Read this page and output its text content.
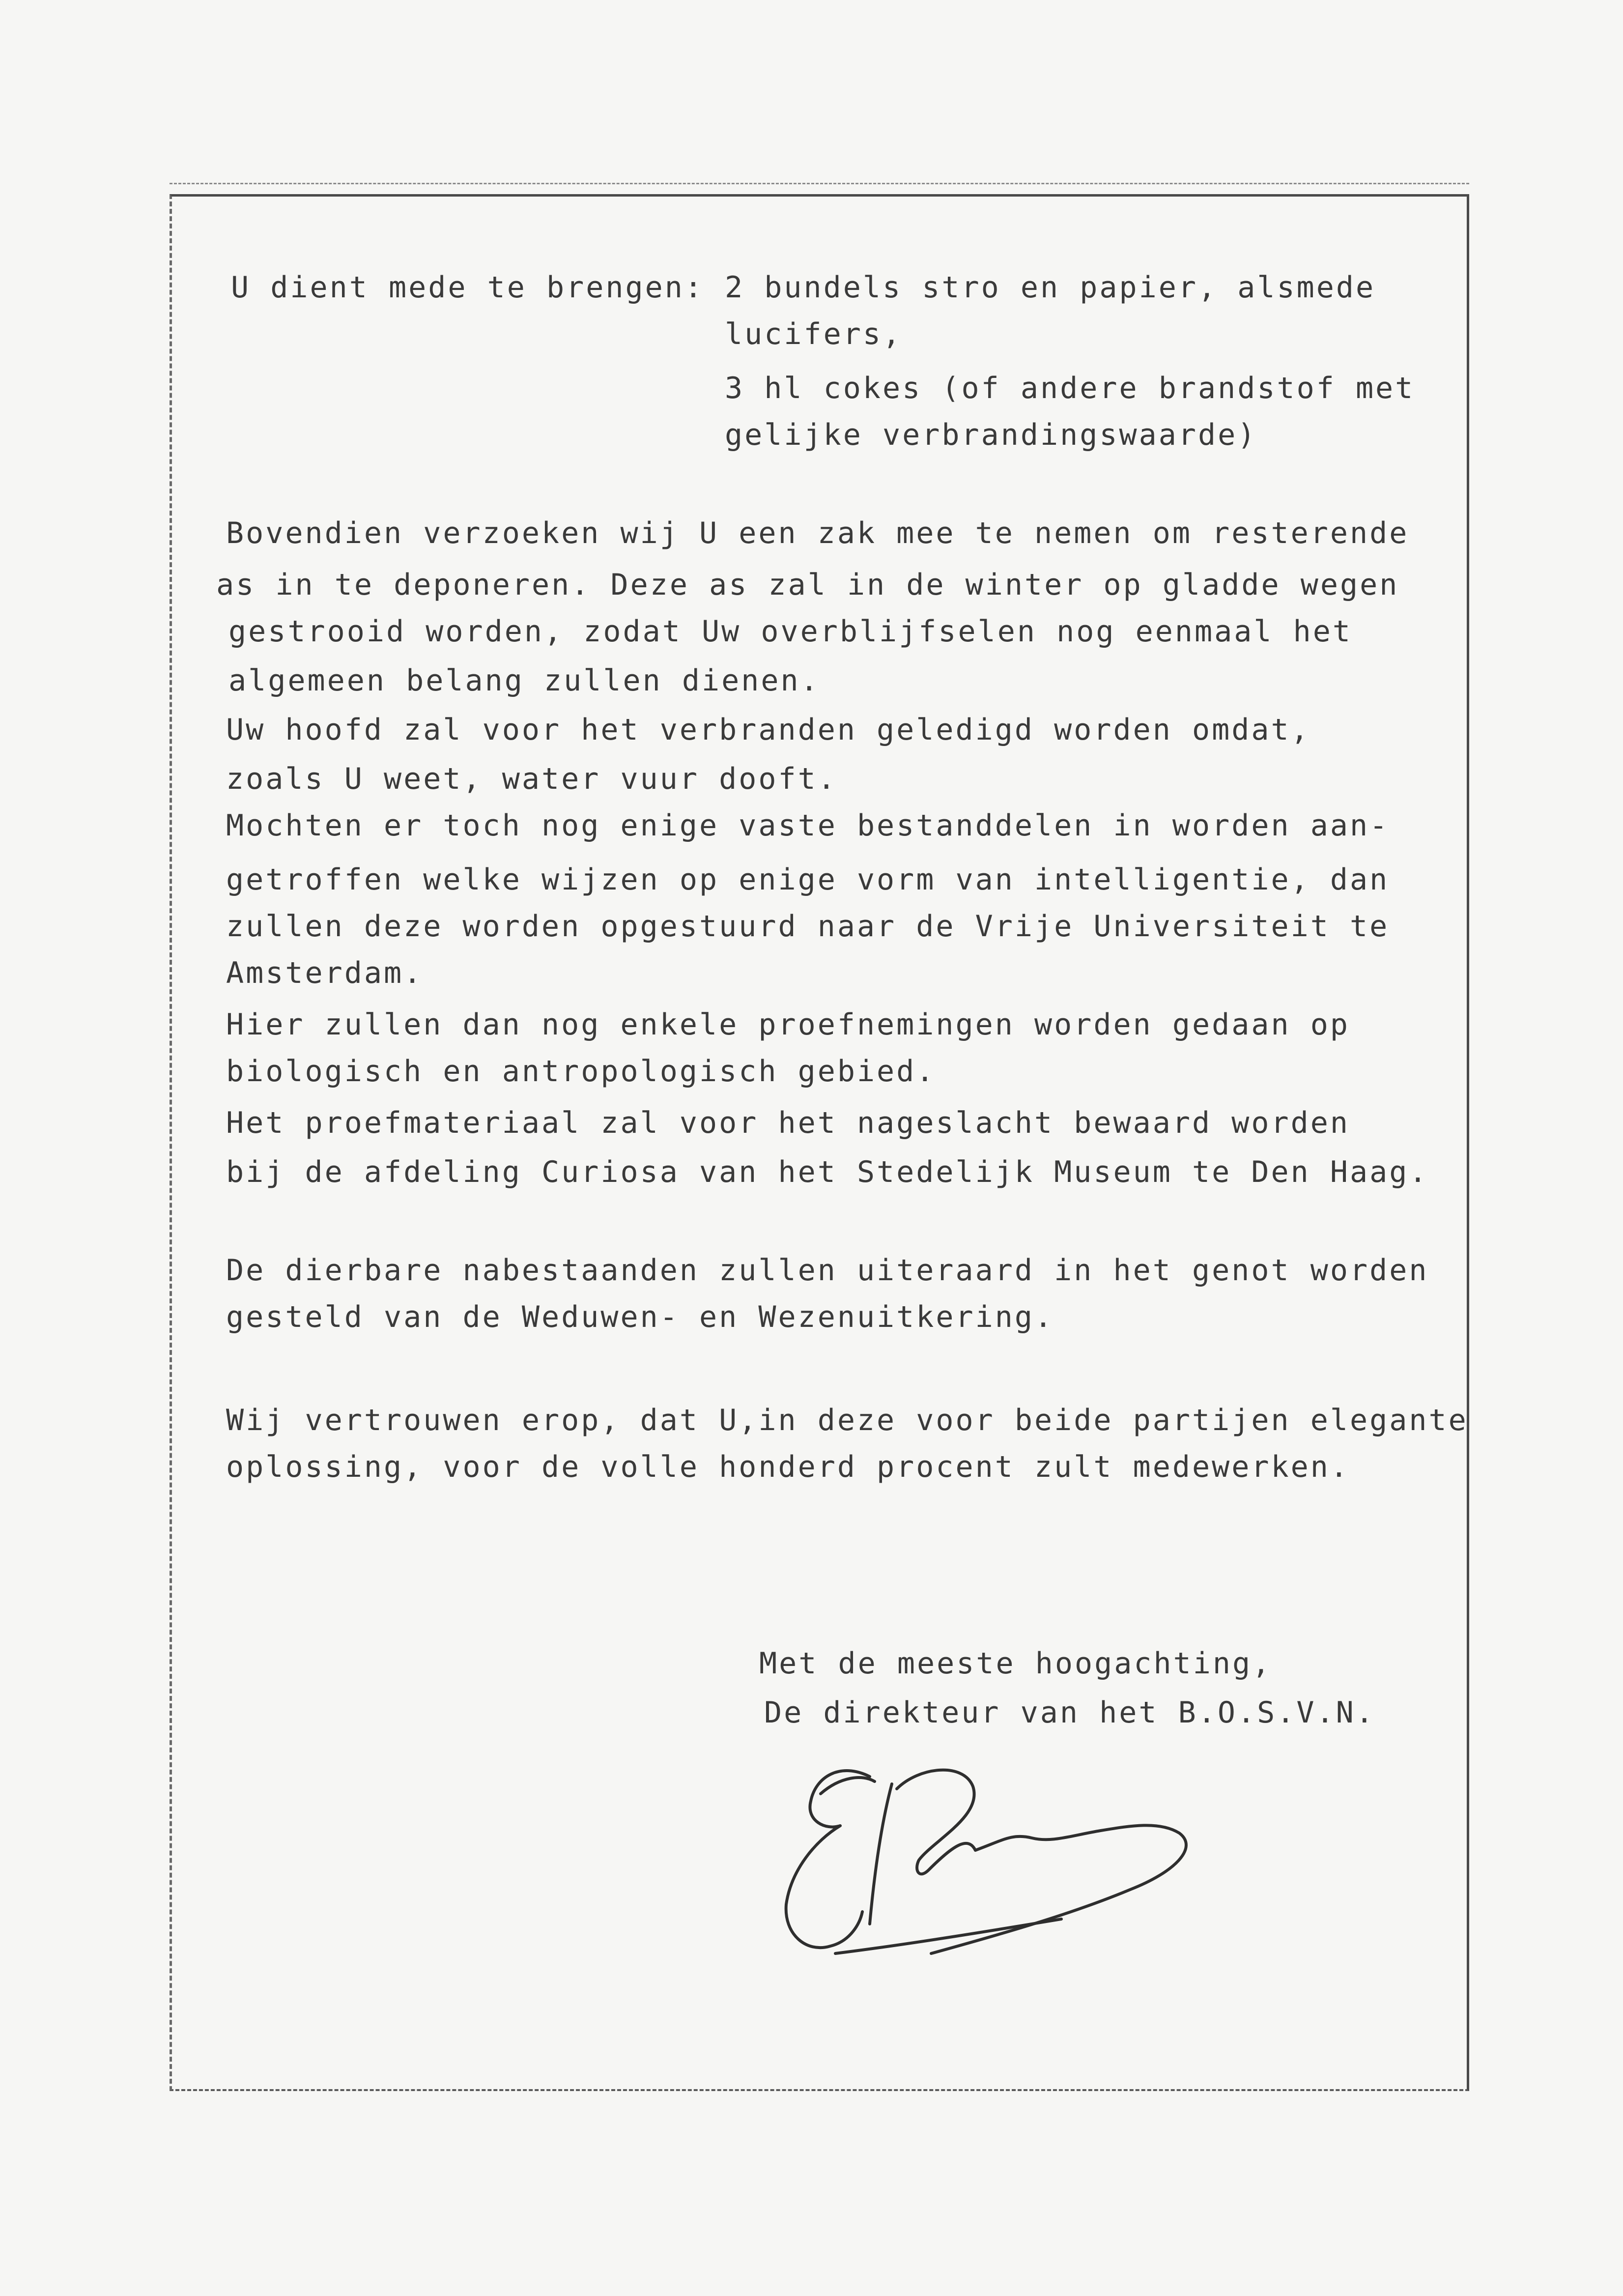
U dient mede te brengen: 2 bundels stro en papier, alsmede
lucifers,
3 hl cokes (of andere brandstof met
gelijke verbrandingswaarde)
Bovendien verzoeken wij U een zak mee te nemen om resterende
as in te deponeren. Deze as zal in de winter op gladde wegen
gestrooid worden, zodat Uw overblijfselen nog eenmaal het
algemeen belang zullen dienen.
Uw hoofd zal voor het verbranden geledigd worden omdat,
zoals U weet, water vuur dooft.
Mochten er toch nog enige vaste bestanddelen in worden aan-
getroffen welke wijzen op enige vorm van intelligentie, dan
zullen deze worden opgestuurd naar de Vrije Universiteit te
Amsterdam.
Hier zullen dan nog enkele proefnemingen worden gedaan op
biologisch en antropologisch gebied.
Het proefmateriaal zal voor het nageslacht bewaard worden
bij de afdeling Curiosa van het Stedelijk Museum te Den Haag.
De dierbare nabestaanden zullen uiteraard in het genot worden
gesteld van de Weduwen- en Wezenuitkering.
Wij vertrouwen erop, dat U,in deze voor beide partijen elegante
oplossing, voor de volle honderd procent zult medewerken.
Met de meeste hoogachting,
De direkteur van het B.O.S.V.N.
